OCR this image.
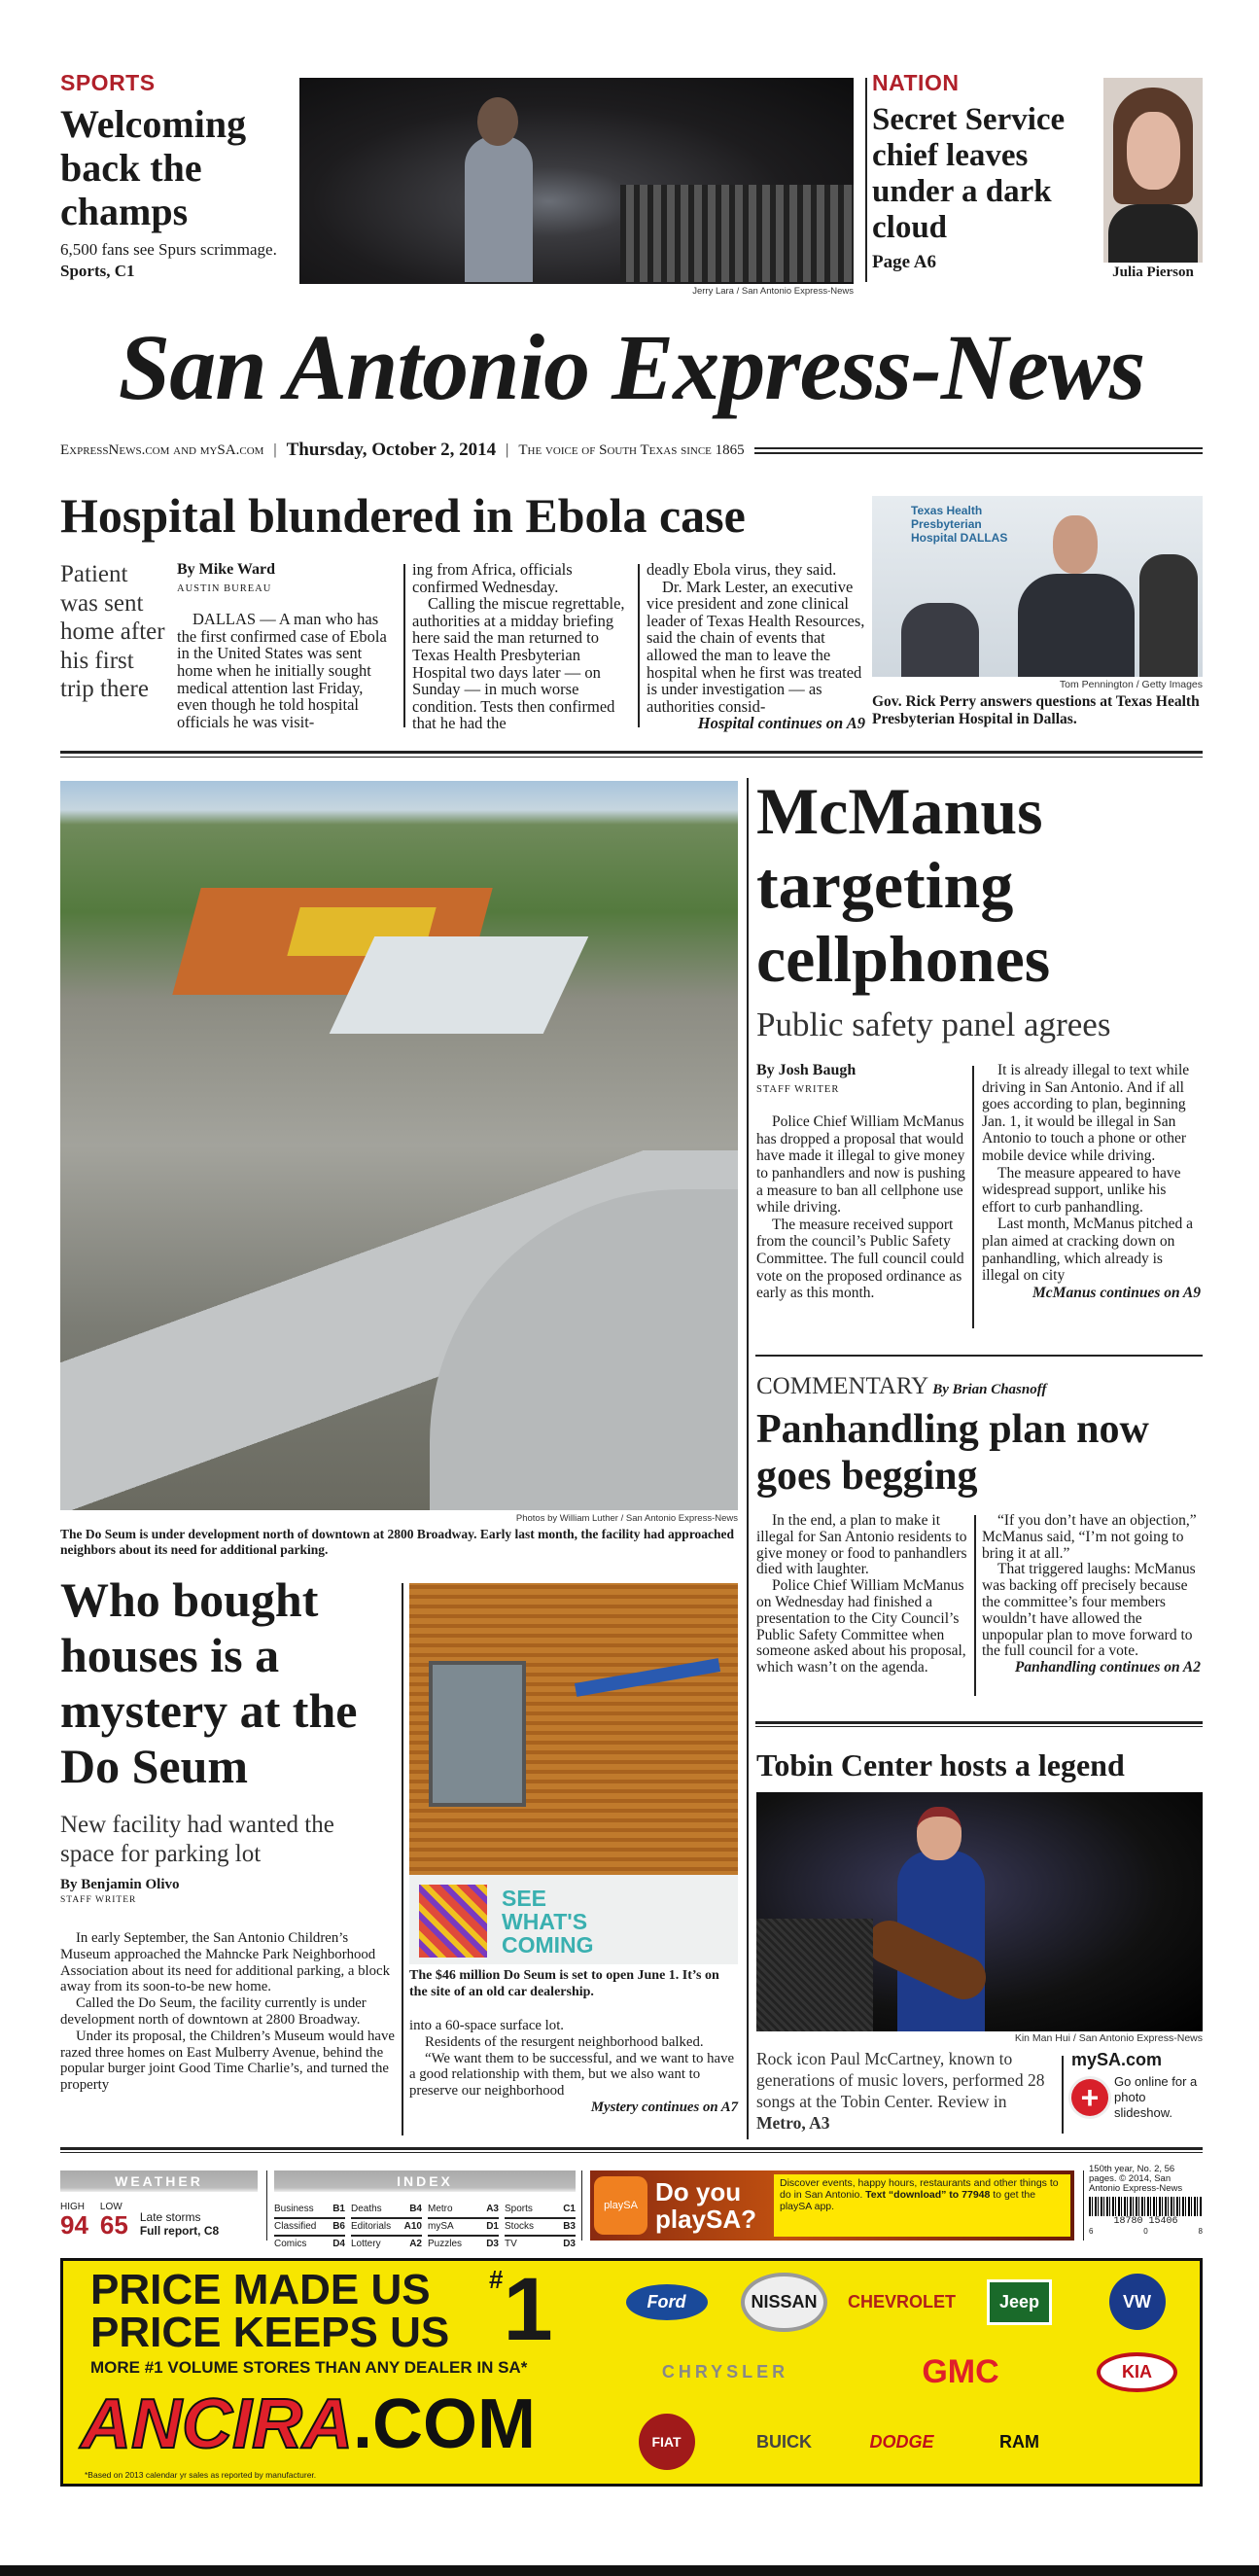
SPORTS
Welcoming back the champs
6,500 fans see Spurs scrimmage. Sports, C1
Jerry Lara / San Antonio Express-News
NATION
Secret Service chief leaves under a dark cloud
Page A6	Julia Pierson
San Antonio Express-News
ExpressNews.com and mySA.com | Thursday, October 2, 2014 | The voice of South Texas since 1865
Hospital blundered in Ebola case
Patient was sent home after his first trip there
By Mike Ward
AUSTIN BUREAU

DALLAS — A man who has the first confirmed case of Ebola in the United States was sent home when he initially sought medical attention last Friday, even though he told hospital officials he was visit-

ing from Africa, officials confirmed Wednesday.

Calling the miscue regrettable, authorities at a midday briefing here said the man returned to Texas Health Presbyterian Hospital two days later — on Sunday — in much worse condition. Tests then confirmed that he had the

deadly Ebola virus, they said.

Dr. Mark Lester, an executive vice president and zone clinical leader of Texas Health Resources, said the chain of events that allowed the man to leave the hospital when he first was treated is under investigation — as authorities consid-

Hospital continues on A9
Texas Health Presbyterian Hospital DALLAS
Tom Pennington / Getty Images
Gov. Rick Perry answers questions at Texas Health Presbyterian Hospital in Dallas.
Photos by William Luther / San Antonio Express-News
The Do Seum is under development north of downtown at 2800 Broadway. Early last month, the facility had approached neighbors about its need for additional parking.
McManus targeting cellphones
Public safety panel agrees
By Josh Baugh
STAFF WRITER

Police Chief William McManus has dropped a proposal that would have made it illegal to give money to panhandlers and now is pushing a measure to ban all cellphone use while driving.

The measure received support from the council’s Public Safety Committee. The full council could vote on the proposed ordinance as early as this month.

It is already illegal to text while driving in San Antonio. And if all goes according to plan, beginning Jan. 1, it would be illegal in San Antonio to touch a phone or other mobile device while driving.

The measure appeared to have widespread support, unlike his effort to curb panhandling.

Last month, McManus pitched a plan aimed at cracking down on panhandling, which already is illegal on city

McManus continues on A9
COMMENTARY By Brian Chasnoff
Panhandling plan now goes begging

In the end, a plan to make it illegal for San Antonio residents to give money or food to panhandlers died with laughter.

Police Chief William McManus on Wednesday had finished a presentation to the City Council’s Public Safety Committee when someone asked about his proposal, which wasn’t on the agenda.

“If you don’t have an objection,” McManus said, “I’m not going to bring it at all.”

That triggered laughs: McManus was backing off precisely because the committee’s four members wouldn’t have allowed the unpopular plan to move forward to the full council for a vote.

Panhandling continues on A2
Tobin Center hosts a legend
Kin Man Hui / San Antonio Express-News
Rock icon Paul McCartney, known to generations of music lovers, performed 28 songs at the Tobin Center. Review in Metro, A3
mySA.com
+	Go online for a photo slideshow.
Who bought houses is a mystery at the Do Seum
New facility had wanted the space for parking lot
By Benjamin Olivo
STAFF WRITER	SEE WHAT'S COMING
The $46 million Do Seum is set to open June 1. It’s on the site of an old car dealership.

In early September, the San Antonio Children’s Museum approached the Mahncke Park Neighborhood Association about its need for additional parking, a block away from its soon-to-be new home.

Called the Do Seum, the facility currently is under development north of downtown at 2800 Broadway.

Under its proposal, the Children’s Museum would have razed three homes on East Mulberry Avenue, behind the popular burger joint Good Time Charlie’s, and turned the property

into a 60-space surface lot.

Residents of the resurgent neighborhood balked.

“We want them to be successful, and we want to have a good relationship with them, but we also want to preserve our neighborhood

Mystery continues on A7
WEATHER
HIGH
94
LOW
65 Late storms
Full report, C8
INDEX
Business B1 Deaths	B4 Metro	A3 Sports	C1
Classified B6 Editorials A10 mySA	D1 Stocks	B3
Comics	D4 Lottery	A2 Puzzles	D3 TV	D3
playSA Do you playSA?
Discover events, happy hours, restaurants and other things to do in San Antonio. Text “download” to 77948 to get the playSA app.
150th year, No. 2, 56 pages. © 2014, San Antonio Express-News
18780 15406
6	0	8
PRICE MADE US
PRICE KEEPS US
#1
MORE #1 VOLUME STORES THAN ANY DEALER IN SA*
ANCIRA.COM
*Based on 2013 calendar yr sales as reported by manufacturer.
Ford	NISSAN	CHEVROLET	Jeep	VW
CHRYSLER	GMC	KIA
FIAT	BUICK	DODGE	RAM
